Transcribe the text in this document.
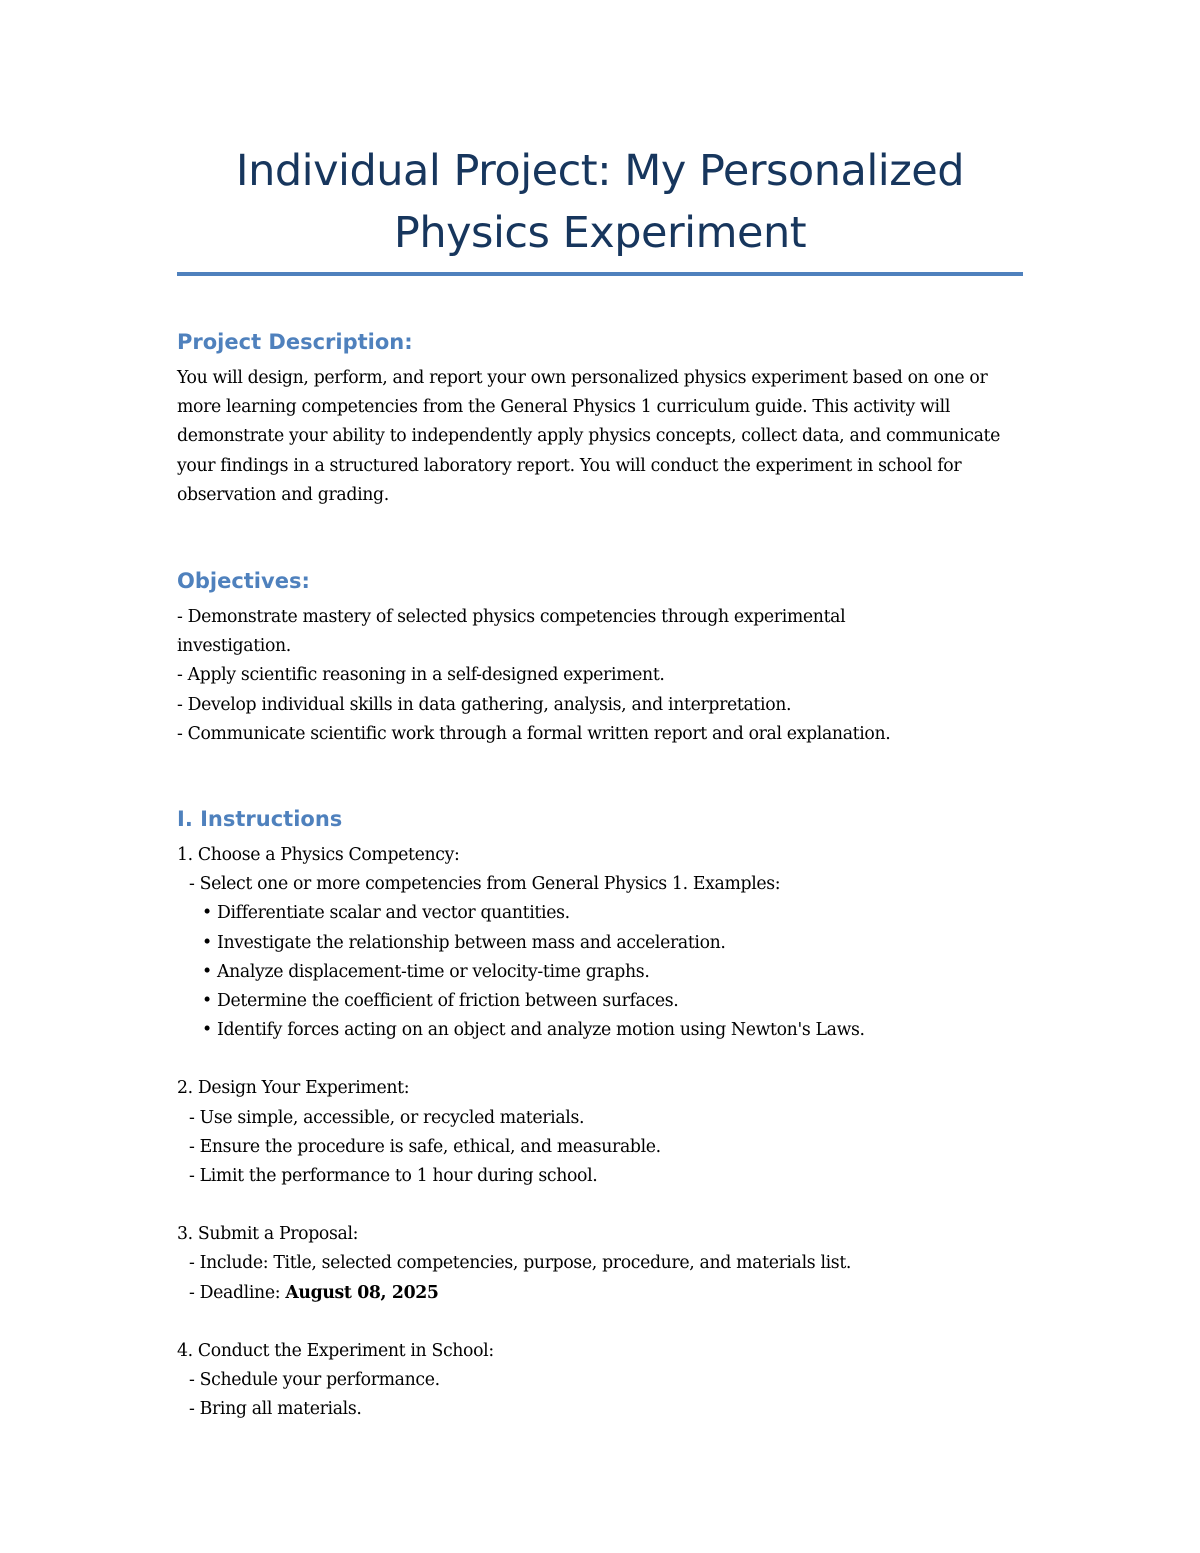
Individual Project: My Personalized Physics Experiment
Project Description:

You will design, perform, and report your own personalized physics experiment based on one or more learning competencies from the General Physics 1 curriculum guide. This activity will demonstrate your ability to independently apply physics concepts, collect data, and communicate your findings in a structured laboratory report. You will conduct the experiment in school for observation and grading.

Objectives:

- Demonstrate mastery of selected physics competencies through experimental investigation.

- Apply scientific reasoning in a self-designed experiment.

- Develop individual skills in data gathering, analysis, and interpretation.

- Communicate scientific work through a formal written report and oral explanation.

I. Instructions

1. Choose a Physics Competency:

- Select one or more competencies from General Physics 1. Examples:

• Differentiate scalar and vector quantities.

• Investigate the relationship between mass and acceleration.

• Analyze displacement-time or velocity-time graphs.

• Determine the coefficient of friction between surfaces.

• Identify forces acting on an object and analyze motion using Newton's Laws.

2. Design Your Experiment:

- Use simple, accessible, or recycled materials.

- Ensure the procedure is safe, ethical, and measurable.

- Limit the performance to 1 hour during school.

3. Submit a Proposal:

- Include: Title, selected competencies, purpose, procedure, and materials list.

- Deadline: August 08, 2025

4. Conduct the Experiment in School:

- Schedule your performance.

- Bring all materials.
